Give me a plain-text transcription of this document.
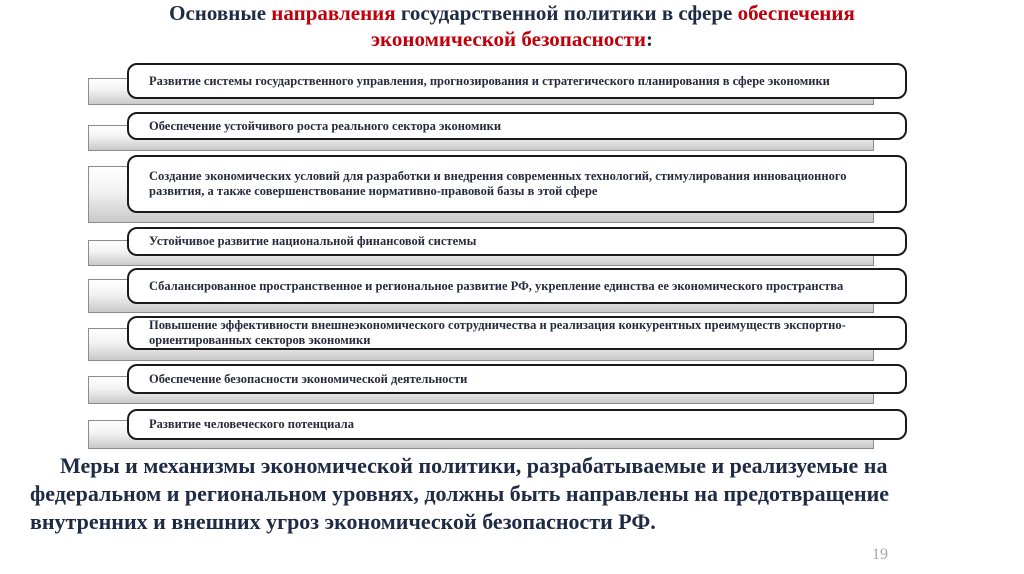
Основные направления государственной политики в сфере обеспечения
экономической безопасности:
Развитие системы государственного управления, прогнозирования и стратегического планирования в сфере экономики
Обеспечение устойчивого роста реального сектора экономики
Создание экономических условий для разработки и внедрения современных технологий, стимулирования инновационного развития, а также совершенствование нормативно-правовой базы в этой сфере
Устойчивое развитие национальной финансовой системы
Сбалансированное пространственное и региональное развитие РФ, укрепление единства ее экономического пространства
Повышение эффективности внешнеэкономического сотрудничества и реализация конкурентных преимуществ экспортно-ориентированных секторов экономики
Обеспечение безопасности экономической деятельности
Развитие человеческого потенциала
Меры и механизмы экономической политики, разрабатываемые и реализуемые на федеральном и региональном уровнях, должны быть направлены на предотвращение внутренних и внешних угроз экономической безопасности РФ.
19
